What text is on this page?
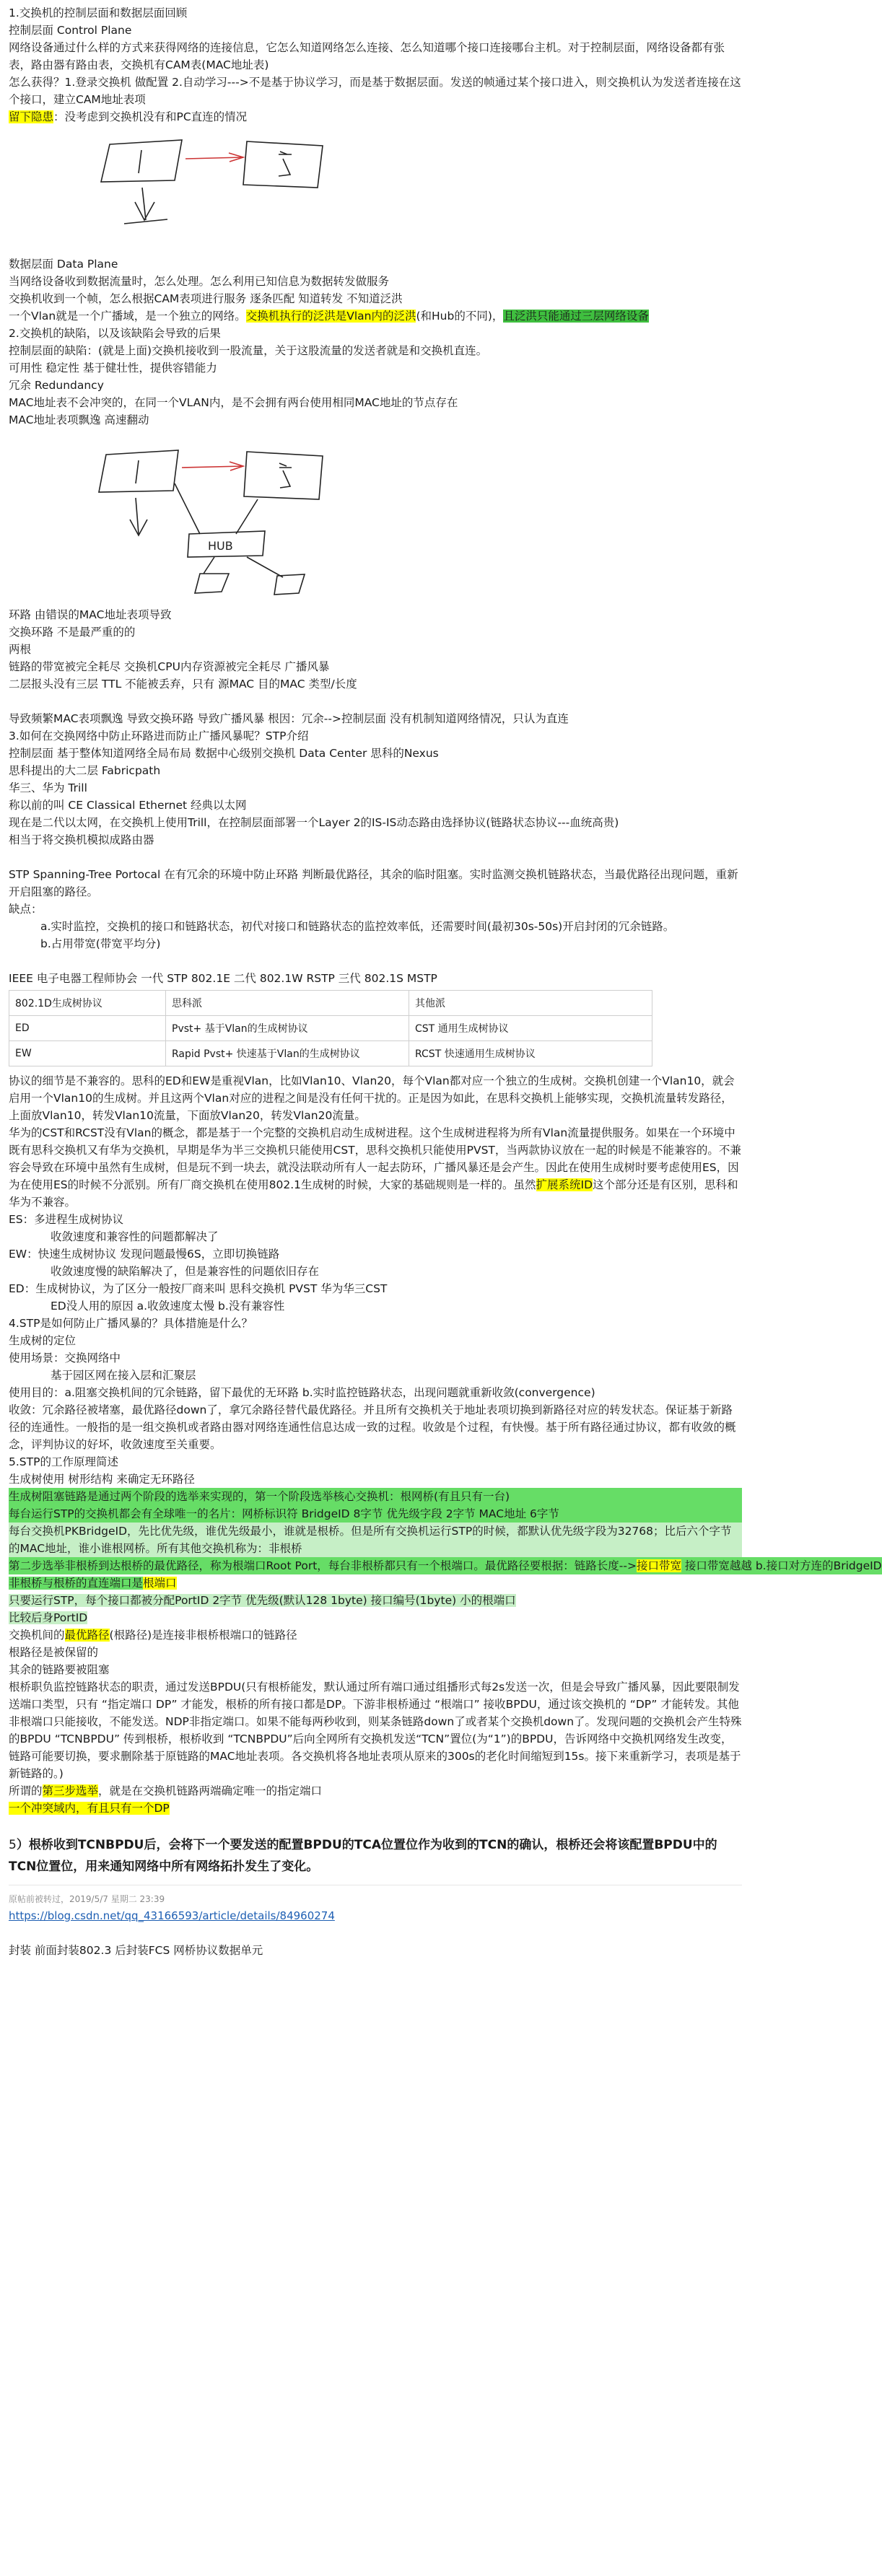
1.交换机的控制层面和数据层面回顾
控制层面 Control Plane
网络设备通过什么样的方式来获得网络的连接信息，它怎么知道网络怎么连接、怎么知道哪个接口连接哪台主机。对于控制层面，网络设备都有张表，路由器有路由表，交换机有CAM表(MAC地址表)
怎么获得？1.登录交换机 做配置 2.自动学习--->不是基于协议学习，而是基于数据层面。发送的帧通过某个接口进入，则交换机认为发送者连接在这个接口，建立CAM地址表项
留下隐患：没考虑到交换机没有和PC直连的情况
数据层面 Data Plane
当网络设备收到数据流量时，怎么处理。怎么利用已知信息为数据转发做服务
交换机收到一个帧，怎么根据CAM表项进行服务 逐条匹配 知道转发 不知道泛洪
一个Vlan就是一个广播域，是一个独立的网络。交换机执行的泛洪是Vlan内的泛洪(和Hub的不同)，且泛洪只能通过三层网络设备
2.交换机的缺陷，以及该缺陷会导致的后果
控制层面的缺陷：(就是上面)交换机接收到一股流量，关于这股流量的发送者就是和交换机直连。
可用性 稳定性 基于健壮性，提供容错能力
冗余 Redundancy
MAC地址表不会冲突的，在同一个VLAN内，是不会拥有两台使用相同MAC地址的节点存在
MAC地址表项飘逸 高速翻动
HUB
环路 由错误的MAC地址表项导致
交换环路 不是最严重的的
两根
链路的带宽被完全耗尽 交换机CPU内存资源被完全耗尽 广播风暴
二层报头没有三层 TTL 不能被丢弃，只有 源MAC 目的MAC 类型/长度
导致频繁MAC表项飘逸 导致交换环路 导致广播风暴 根因：冗余-->控制层面 没有机制知道网络情况，只认为直连
3.如何在交换网络中防止环路进而防止广播风暴呢？STP介绍
控制层面 基于整体知道网络全局布局 数据中心级别交换机 Data Center 思科的Nexus
思科提出的大二层 Fabricpath
华三、华为 Trill
称以前的叫 CE Classical Ethernet 经典以太网
现在是二代以太网，在交换机上使用Trill，在控制层面部署一个Layer 2的IS-IS动态路由选择协议(链路状态协议---血统高贵)
相当于将交换机模拟成路由器
STP Spanning-Tree Portocal 在有冗余的环境中防止环路 判断最优路径，其余的临时阻塞。实时监测交换机链路状态，当最优路径出现问题，重新开启阻塞的路径。
缺点：
a.实时监控，交换机的接口和链路状态，初代对接口和链路状态的监控效率低，还需要时间(最初30s-50s)开启封闭的冗余链路。
b.占用带宽(带宽平均分)
IEEE 电子电器工程师协会 一代 STP 802.1E 二代 802.1W RSTP 三代 802.1S MSTP
802.1D生成树协议	思科派	其他派
ED	Pvst+ 基于Vlan的生成树协议	CST 通用生成树协议
EW	Rapid Pvst+ 快速基于Vlan的生成树协议	RCST 快速通用生成树协议
协议的细节是不兼容的。思科的ED和EW是重视Vlan，比如Vlan10、Vlan20，每个Vlan都对应一个独立的生成树。交换机创建一个Vlan10，就会启用一个Vlan10的生成树。并且这两个Vlan对应的进程之间是没有任何干扰的。正是因为如此，在思科交换机上能够实现，交换机流量转发路径，上面放Vlan10，转发Vlan10流量，下面放Vlan20，转发Vlan20流量。
华为的CST和RCST没有Vlan的概念，都是基于一个完整的交换机启动生成树进程。这个生成树进程将为所有Vlan流量提供服务。如果在一个环境中既有思科交换机又有华为交换机，早期是华为半三交换机只能使用CST，思科交换机只能使用PVST，当两款协议放在一起的时候是不能兼容的。不兼容会导致在环境中虽然有生成树，但是玩不到一块去，就没法联动所有人一起去防环，广播风暴还是会产生。因此在使用生成树时要考虑使用ES，因为在使用ES的时候不分派别。所有厂商交换机在使用802.1生成树的时候，大家的基础规则是一样的。虽然扩展系统ID这个部分还是有区别，思科和华为不兼容。
ES：多进程生成树协议
收敛速度和兼容性的问题都解决了
EW：快速生成树协议 发现问题最慢6S，立即切换链路
收敛速度慢的缺陷解决了，但是兼容性的问题依旧存在
ED：生成树协议，为了区分一般按厂商来叫 思科交换机 PVST 华为华三CST
ED没人用的原因 a.收敛速度太慢 b.没有兼容性
4.STP是如何防止广播风暴的？具体措施是什么？
生成树的定位
使用场景：交换网络中
基于园区网在接入层和汇聚层
使用目的：a.阻塞交换机间的冗余链路，留下最优的无环路 b.实时监控链路状态，出现问题就重新收敛(convergence)
收敛：冗余路径被堵塞，最优路径down了，拿冗余路径替代最优路径。并且所有交换机关于地址表项切换到新路径对应的转发状态。保证基于新路径的连通性。一般指的是一组交换机或者路由器对网络连通性信息达成一致的过程。收敛是个过程，有快慢。基于所有路径通过协议，都有收敛的概念，评判协议的好坏，收敛速度至关重要。
5.STP的工作原理简述
生成树使用 树形结构 来确定无环路径
生成树阻塞链路是通过两个阶段的选举来实现的，第一个阶段选举核心交换机：根网桥(有且只有一台)
每台运行STP的交换机都会有全球唯一的名片：网桥标识符 BridgeID 8字节 优先级字段 2字节 MAC地址 6字节
每台交换机PKBridgeID，先比优先级，谁优先级最小，谁就是根桥。但是所有交换机运行STP的时候，都默认优先级字段为32768；比后六个字节的MAC地址，谁小谁根网桥。所有其他交换机称为：非根桥
第二步选举非根桥到达根桥的最优路径，称为根端口Root Port，每台非根桥都只有一个根端口。最优路径要根据：链路长度-->接口带宽 接口带宽越越 b.接口对方连的BridgeID
非根桥与根桥的直连端口是根端口
只要运行STP，每个接口都被分配PortID 2字节 优先级(默认128 1byte) 接口编号(1byte) 小的根端口
比较后身PortID
交换机间的最优路径(根路径)是连接非根桥根端口的链路径
根路径是被保留的
其余的链路要被阻塞
根桥职负监控链路状态的职责，通过发送BPDU(只有根桥能发，默认通过所有端口通过组播形式每2s发送一次，但是会导致广播风暴，因此要限制发送端口类型，只有 “指定端口 DP” 才能发，根桥的所有接口都是DP。下游非根桥通过 “根端口” 接收BPDU，通过该交换机的 “DP” 才能转发。其他非根端口只能接收，不能发送。NDP非指定端口。如果不能每两秒收到，则某条链路down了或者某个交换机down了。发现问题的交换机会产生特殊的BPDU “TCNBPDU” 传到根桥，根桥收到 “TCNBPDU”后向全网所有交换机发送“TCN”置位(为“1”)的BPDU，告诉网络中交换机网络发生改变，链路可能要切换，要求删除基于原链路的MAC地址表项。各交换机将各地址表项从原来的300s的老化时间缩短到15s。接下来重新学习，表项是基于新链路的。)
所谓的第三步选举，就是在交换机链路两端确定唯一的指定端口
一个冲突域内，有且只有一个DP
5）根桥收到TCNBPDU后，会将下一个要发送的配置BPDU的TCA位置位作为收到的TCN的确认，根桥还会将该配置BPDU中的TCN位置位，用来通知网络中所有网络拓扑发生了变化。
原帖前被转过，2019/5/7 星期二 23:39
https://blog.csdn.net/qq_43166593/article/details/84960274
封装 前面封装802.3 后封装FCS 网桥协议数据单元
